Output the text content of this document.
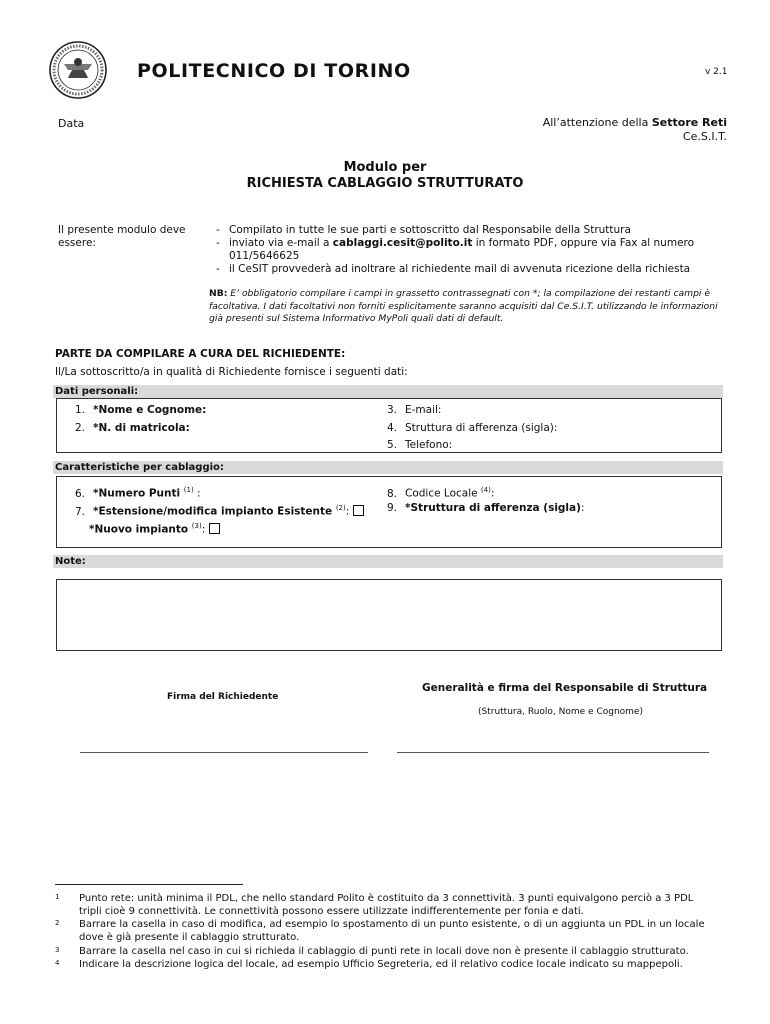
POLITECNICO DI TORINO	v 2.1
Data	All’attenzione della Settore Reti
Ce.S.I.T.
Modulo per
RICHIESTA CABLAGGIO STRUTTURATO
Il presente modulo deve essere:
- Compilato in tutte le sue parti e sottoscritto dal Responsabile della Struttura
- inviato via e-mail a cablaggi.cesit@polito.it in formato PDF, oppure via Fax al numero 011/5646625
- il CeSIT provvederà ad inoltrare al richiedente mail di avvenuta ricezione della richiesta
NB: E’ obbligatorio compilare i campi in grassetto contrassegnati con *; la compilazione dei restanti campi è facoltativa. I dati facoltativi non forniti esplicitamente saranno acquisiti dal Ce.S.I.T. utilizzando le informazioni già presenti sul Sistema Informativo MyPoli quali dati di default.
PARTE DA COMPILARE A CURA DEL RICHIEDENTE:
Il/La sottoscritto/a in qualità di Richiedente fornisce i seguenti dati:
Dati personali:
1. *Nome e Cognome:
2. *N. di matricola:
3. E-mail:
4. Struttura di afferenza (sigla):
5. Telefono:
Caratteristiche per cablaggio:
6. *Numero Punti $^{(1)}$ :
7. *Estensione/modifica impianto Esistente $^{(2)}$:
*Nuovo impianto $^{(3)}$:
8. Codice Locale $^{(4)}$:
9. *Struttura di afferenza (sigla):
Note:
Firma del Richiedente
Generalità e firma del Responsabile di Struttura
(Struttura, Ruolo, Nome e Cognome)
1 Punto rete: unità minima il PDL, che nello standard Polito è costituito da 3 connettività. 3 punti equivalgono perciò a 3 PDL tripli cioè 9 connettività. Le connettività possono essere utilizzate indifferentemente per fonia e dati.
2 Barrare la casella in caso di modifica, ad esempio lo spostamento di un punto esistente, o di un aggiunta un PDL in un locale dove è già presente il cablaggio strutturato.
3 Barrare la casella nel caso in cui si richieda il cablaggio di punti rete in locali dove non è presente il cablaggio strutturato.
4 Indicare la descrizione logica del locale, ad esempio Ufficio Segreteria, ed il relativo codice locale indicato su mappepoli.
